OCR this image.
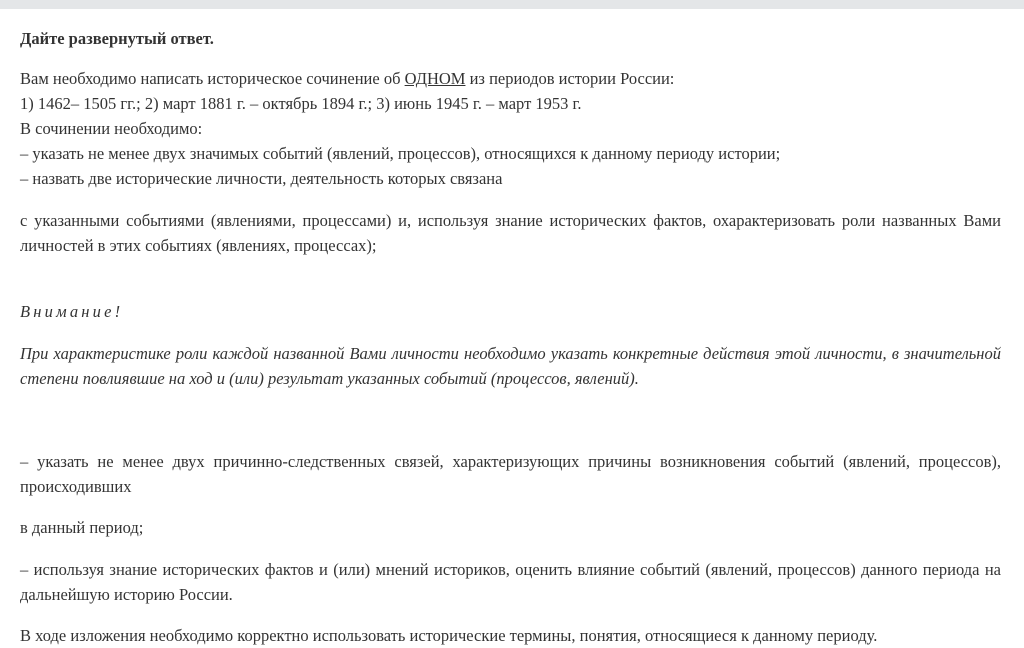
Дайте развернутый ответ.

Вам необходимо написать историческое сочинение об ОДНОМ из периодов истории России:

1) 1462– 1505 гг.; 2) март 1881 г. – октябрь 1894 г.; 3) июнь 1945 г. – март 1953 г.

В сочинении необходимо:

– указать не менее двух значимых событий (явлений, процессов), относящихся к данному периоду истории;

– назвать две исторические личности, деятельность которых связана

с указанными событиями (явлениями, процессами) и, используя знание исторических фактов, охарактеризовать роли названных Вами личностей в этих событиях (явлениях, процессах);

Внимание!

При характеристике роли каждой названной Вами личности необходимо указать конкретные действия этой личности, в значительной степени повлиявшие на ход и (или) результат указанных событий (процессов, явлений).

– указать не менее двух причинно-следственных связей, характеризующих причины возникновения событий (явлений, процессов), происходивших

в данный период;

– используя знание исторических фактов и (или) мнений историков, оценить влияние событий (явлений, процессов) данного периода на дальнейшую историю России.

В ходе изложения необходимо корректно использовать исторические термины, понятия, относящиеся к данному периоду.
